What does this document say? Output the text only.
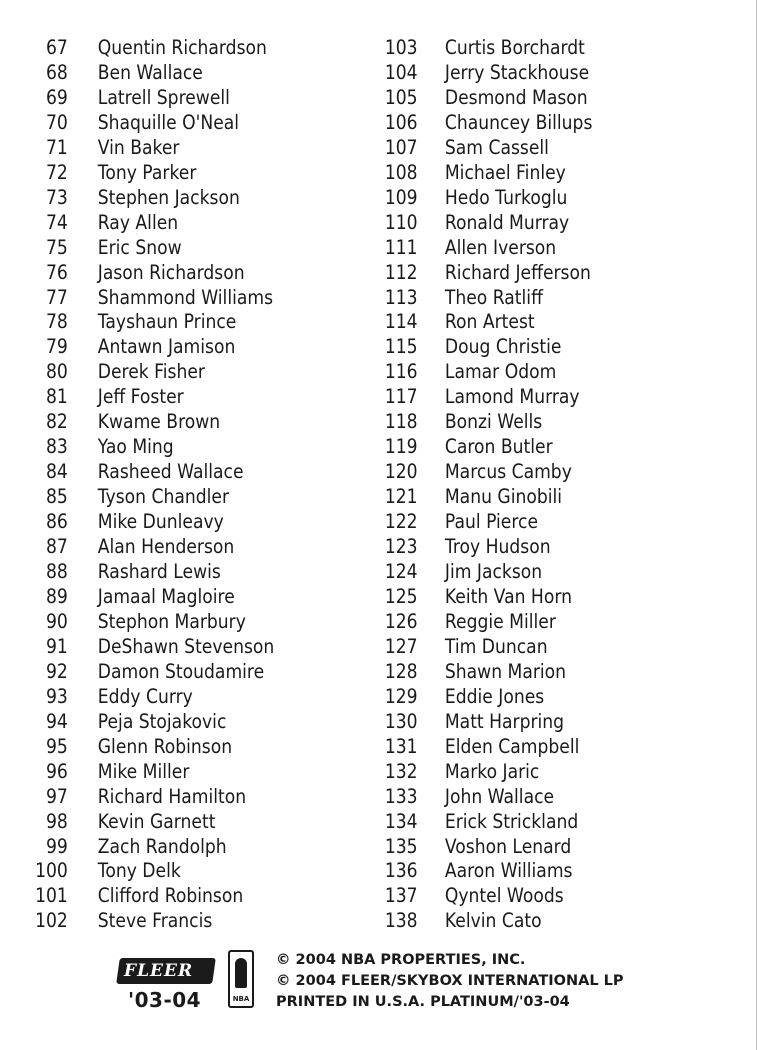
67 Quentin Richardson
68 Ben Wallace
69 Latrell Sprewell
70 Shaquille O'Neal
71 Vin Baker
72 Tony Parker
73 Stephen Jackson
74 Ray Allen
75 Eric Snow
76 Jason Richardson
77 Shammond Williams
78 Tayshaun Prince
79 Antawn Jamison
80 Derek Fisher
81 Jeff Foster
82 Kwame Brown
83 Yao Ming
84 Rasheed Wallace
85 Tyson Chandler
86 Mike Dunleavy
87 Alan Henderson
88 Rashard Lewis
89 Jamaal Magloire
90 Stephon Marbury
91 DeShawn Stevenson
92 Damon Stoudamire
93 Eddy Curry
94 Peja Stojakovic
95 Glenn Robinson
96 Mike Miller
97 Richard Hamilton
98 Kevin Garnett
99 Zach Randolph
100 Tony Delk
101 Clifford Robinson
102 Steve Francis
103 Curtis Borchardt
104 Jerry Stackhouse
105 Desmond Mason
106 Chauncey Billups
107 Sam Cassell
108 Michael Finley
109 Hedo Turkoglu
110 Ronald Murray
111 Allen Iverson
112 Richard Jefferson
113 Theo Ratliff
114 Ron Artest
115 Doug Christie
116 Lamar Odom
117 Lamond Murray
118 Bonzi Wells
119 Caron Butler
120 Marcus Camby
121 Manu Ginobili
122 Paul Pierce
123 Troy Hudson
124 Jim Jackson
125 Keith Van Horn
126 Reggie Miller
127 Tim Duncan
128 Shawn Marion
129 Eddie Jones
130 Matt Harpring
131 Elden Campbell
132 Marko Jaric
133 John Wallace
134 Erick Strickland
135 Voshon Lenard
136 Aaron Williams
137 Qyntel Woods
138 Kelvin Cato
FLEER
'03-04	NBA
© 2004 NBA PROPERTIES, INC.
© 2004 FLEER/SKYBOX INTERNATIONAL LP
PRINTED IN U.S.A. PLATINUM/'03-04
